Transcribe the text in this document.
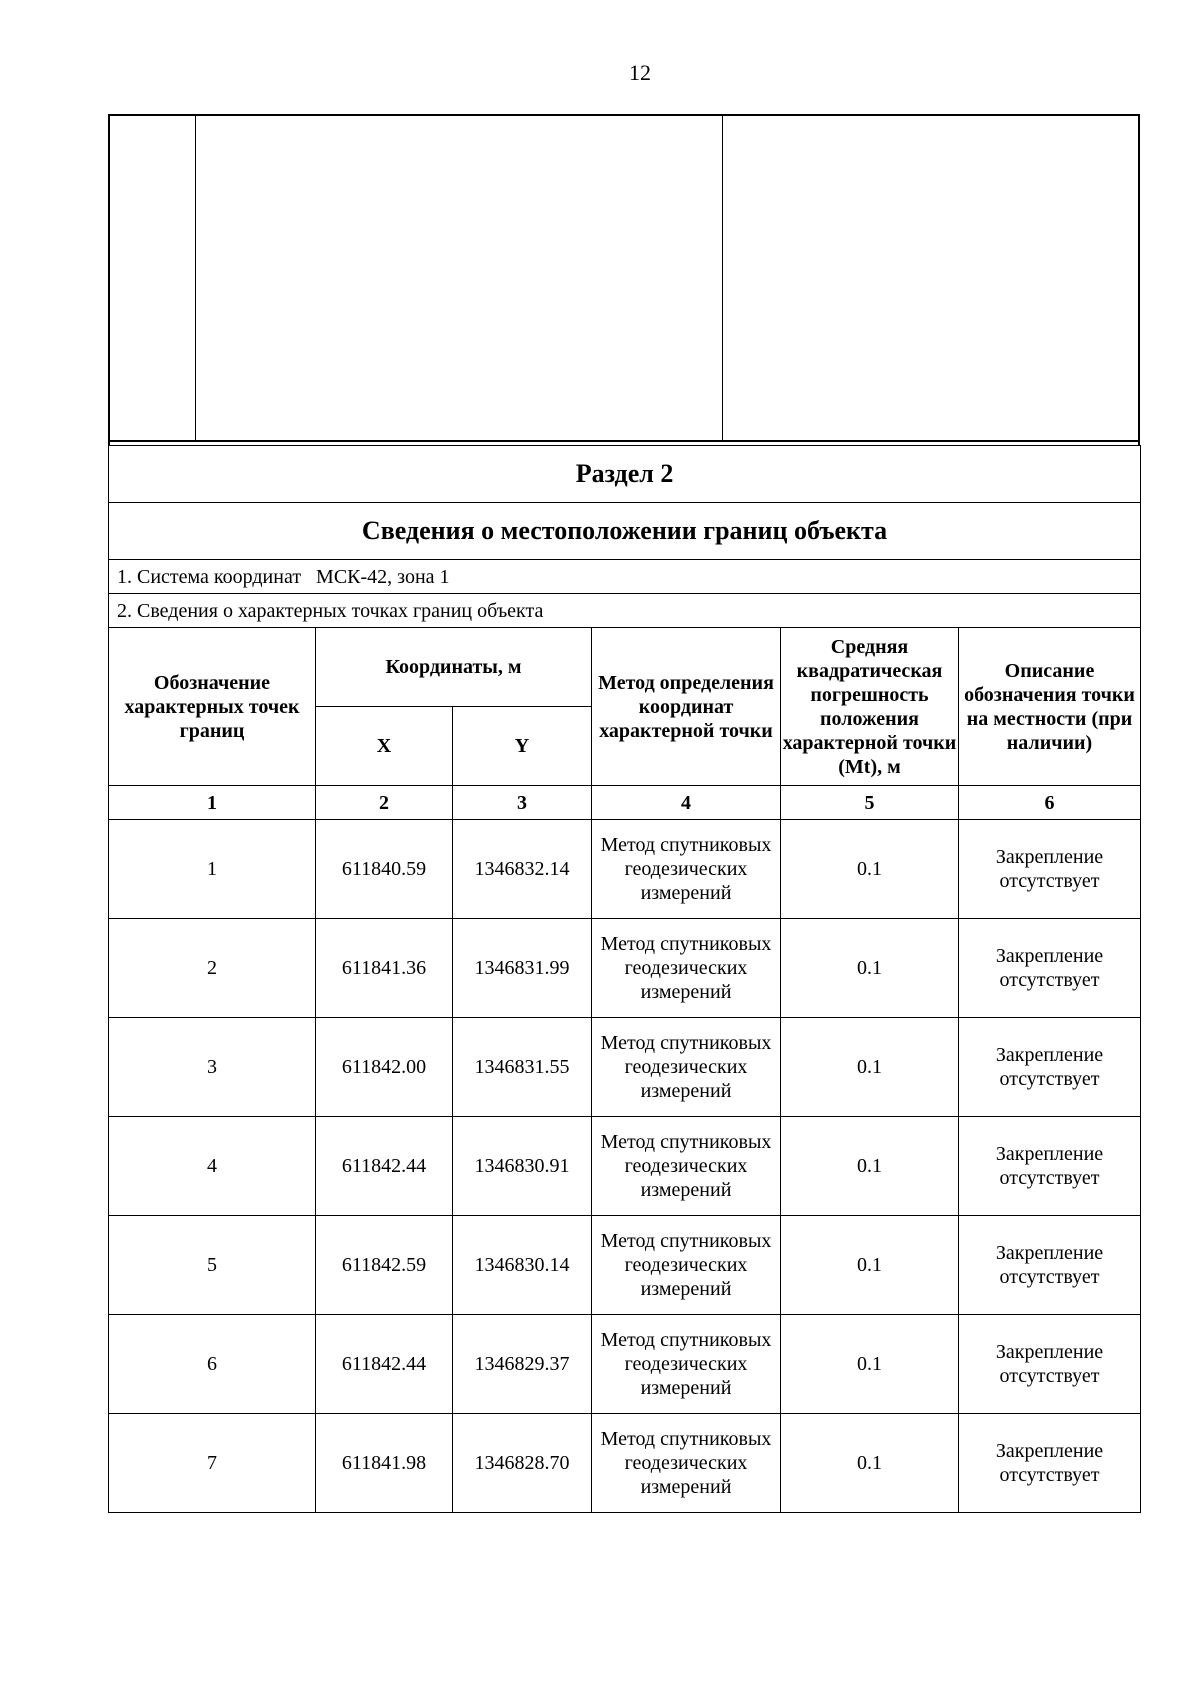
12
Раздел 2					
Сведения о местоположении границ объекта					
1. Система координат   МСК-42, зона 1					
2. Сведения о характерных точках границ объекта					
Обозначение характерных точек границ	Координаты, м		Метод определения координат характерной точки	Средняя квадратическая погрешность положения характерной точки (Mt), м	Описание обозначения точки на местности (при наличии)
	X	Y			
1	2	3	4	5	6
1	611840.59	1346832.14	Метод спутниковых геодезических измерений	0.1	Закрепление отсутствует
2	611841.36	1346831.99	Метод спутниковых геодезических измерений	0.1	Закрепление отсутствует
3	611842.00	1346831.55	Метод спутниковых геодезических измерений	0.1	Закрепление отсутствует
4	611842.44	1346830.91	Метод спутниковых геодезических измерений	0.1	Закрепление отсутствует
5	611842.59	1346830.14	Метод спутниковых геодезических измерений	0.1	Закрепление отсутствует
6	611842.44	1346829.37	Метод спутниковых геодезических измерений	0.1	Закрепление отсутствует
7	611841.98	1346828.70	Метод спутниковых геодезических измерений	0.1	Закрепление отсутствует
